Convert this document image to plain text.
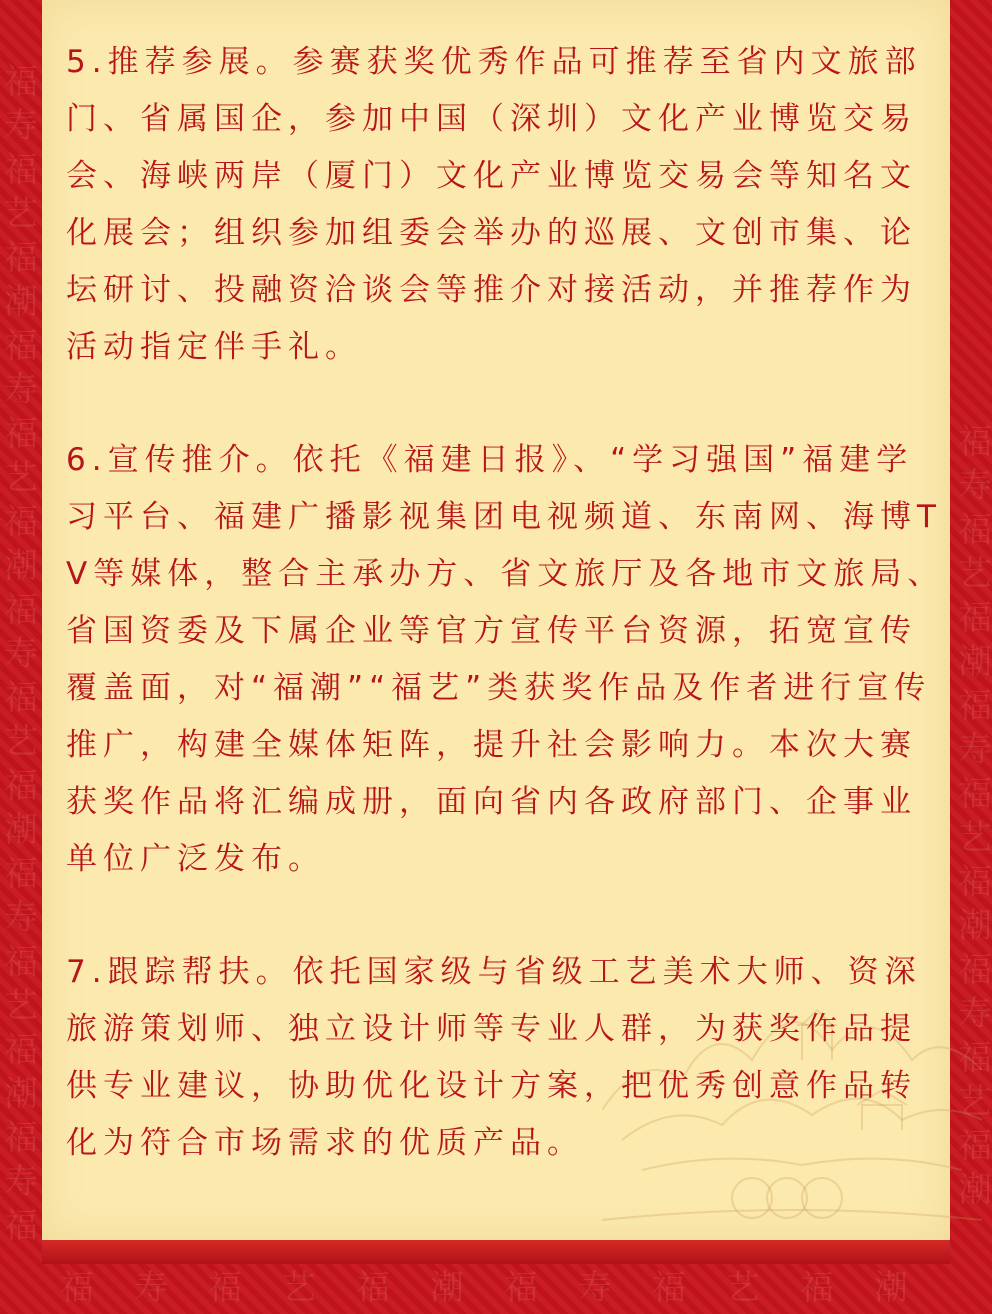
福
寿
福
艺
福
潮
福
寿
福
艺
福
潮
福
寿
福
艺
福
潮
福
寿
福
艺
福
潮
福
寿
福
福
寿
福
艺
福
潮
福
寿
福
艺
福
潮
福
寿
福
艺
福
潮
福寿福艺福潮福寿福艺福潮

5.推荐参展。参赛获奖优秀作品可推荐至省内文旅部门、省属国企，参加中国（深圳）文化产业博览交易会、海峡两岸（厦门）文化产业博览交易会等知名文化展会；组织参加组委会举办的巡展、文创市集、论坛研讨、投融资洽谈会等推介对接活动，并推荐作为活动指定伴手礼。

6.宣传推介。依托《福建日报》、“学习强国”福建学习平台、福建广播影视集团电视频道、东南网、海博TV等媒体，整合主承办方、省文旅厅及各地市文旅局、省国资委及下属企业等官方宣传平台资源，拓宽宣传覆盖面，对“福潮”“福艺”类获奖作品及作者进行宣传推广，构建全媒体矩阵，提升社会影响力。本次大赛获奖作品将汇编成册，面向省内各政府部门、企事业单位广泛发布。

7.跟踪帮扶。依托国家级与省级工艺美术大师、资深旅游策划师、独立设计师等专业人群，为获奖作品提供专业建议，协助优化设计方案，把优秀创意作品转化为符合市场需求的优质产品。
